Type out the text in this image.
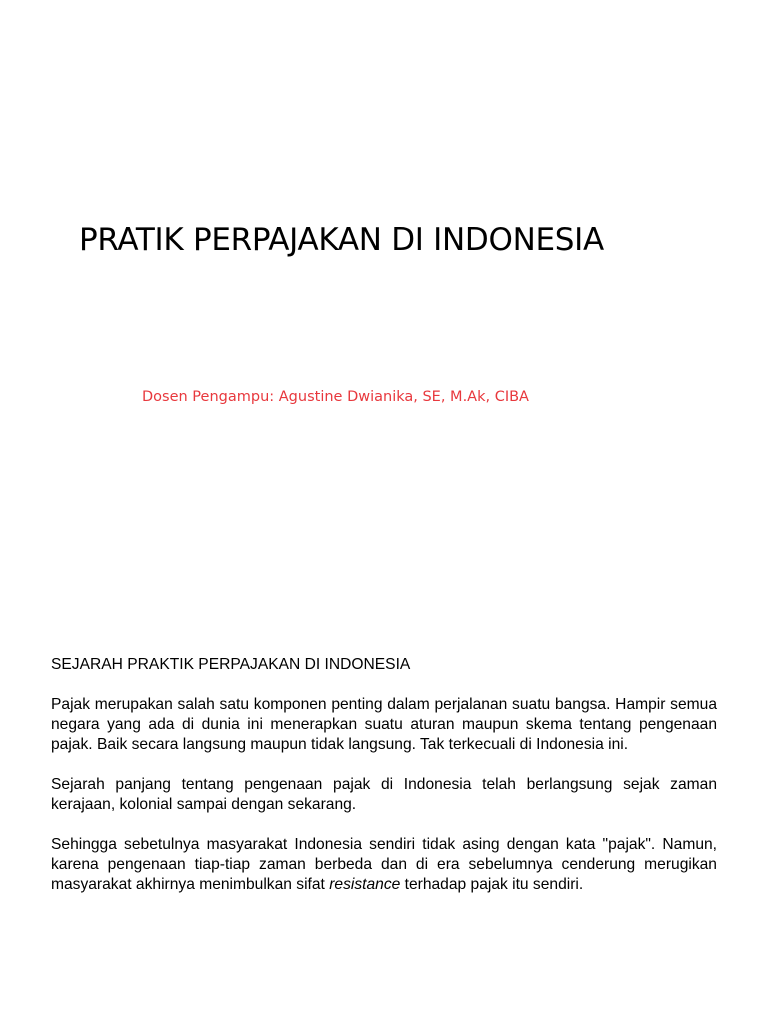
PRATIK PERPAJAKAN DI INDONESIA
Dosen Pengampu: Agustine Dwianika, SE, M.Ak, CIBA
SEJARAH PRAKTIK PERPAJAKAN DI INDONESIA

Pajak merupakan salah satu komponen penting dalam perjalanan suatu bangsa. Hampir semua negara yang ada di dunia ini menerapkan suatu aturan maupun skema tentang pengenaan pajak. Baik secara langsung maupun tidak langsung. Tak terkecuali di Indonesia ini.

Sejarah panjang tentang pengenaan pajak di Indonesia telah berlangsung sejak zaman kerajaan, kolonial sampai dengan sekarang.

Sehingga sebetulnya masyarakat Indonesia sendiri tidak asing dengan kata "pajak". Namun, karena pengenaan tiap-tiap zaman berbeda dan di era sebelumnya cenderung merugikan masyarakat akhirnya menimbulkan sifat resistance terhadap pajak itu sendiri.
